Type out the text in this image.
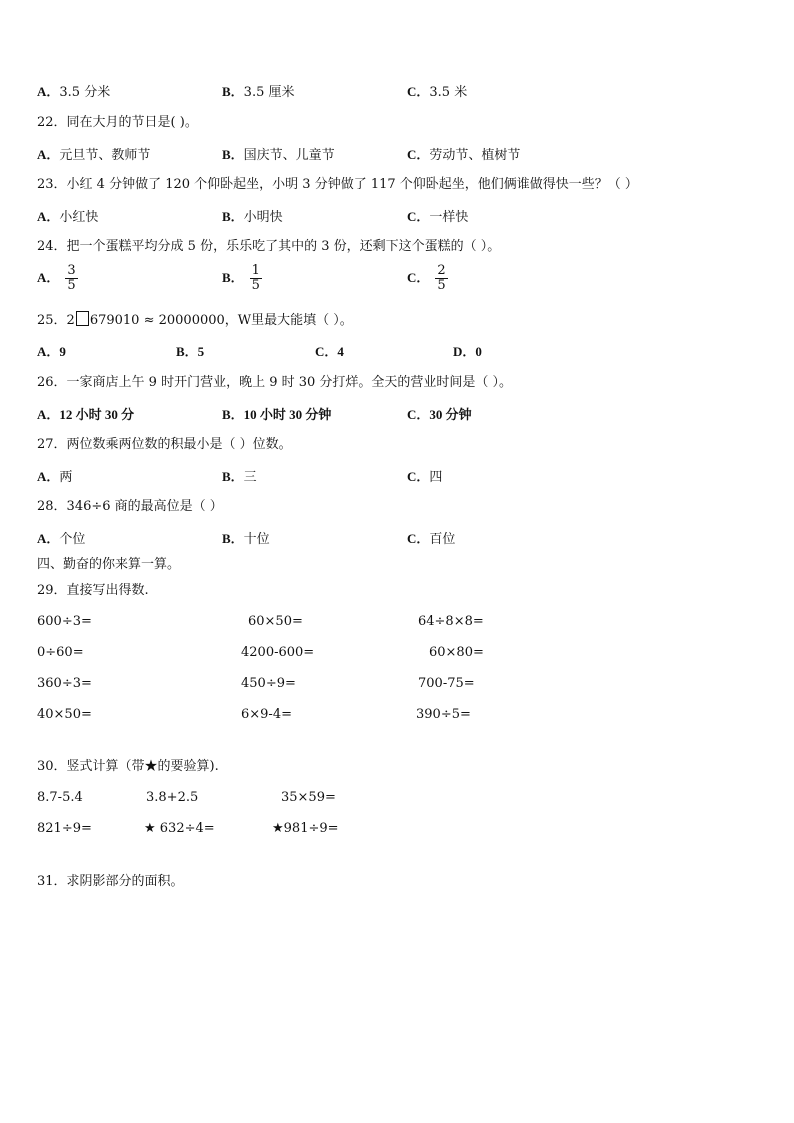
A．3.5 分米	B．3.5 厘米	C．3.5 米
22．同在大月的节日是( )。
A．元旦节、教师节	B．国庆节、儿童节	C．劳动节、植树节
23．小红 4 分钟做了 120 个仰卧起坐，小明 3 分钟做了 117 个仰卧起坐，他们俩谁做得快一些？（ ）
A．小红快	B．小明快	C．一样快
24．把一个蛋糕平均分成 5 份，乐乐吃了其中的 3 份，还剩下这个蛋糕的（ ）。
A． $\frac{3}{5}$	B． $\frac{1}{5}$	C． $\frac{2}{5}$
25．2 679010 ≈ 20000000，W里最大能填（ ）。
A．9	B．5	C．4	D．0
26．一家商店上午 9 时开门营业，晚上 9 时 30 分打烊。全天的营业时间是（ ）。
A．12 小时 30 分	B．10 小时 30 分钟	C．30 分钟
27．两位数乘两位数的积最小是（ ）位数。
A．两	B．三	C．四
28．346÷6 商的最高位是（ ）
A．个位	B．十位	C．百位
四、勤奋的你来算一算。
29．直接写出得数.
600÷3=	60×50=	64÷8×8=
0÷60=	4200-600=	60×80=
360÷3=	450÷9=	700-75=
40×50=	6×9-4=	390÷5=
30．竖式计算（带★的要验算).
8.7-5.4	3.8+2.5	35×59=
821÷9=	★ 632÷4=	★981÷9=
31．求阴影部分的面积。
